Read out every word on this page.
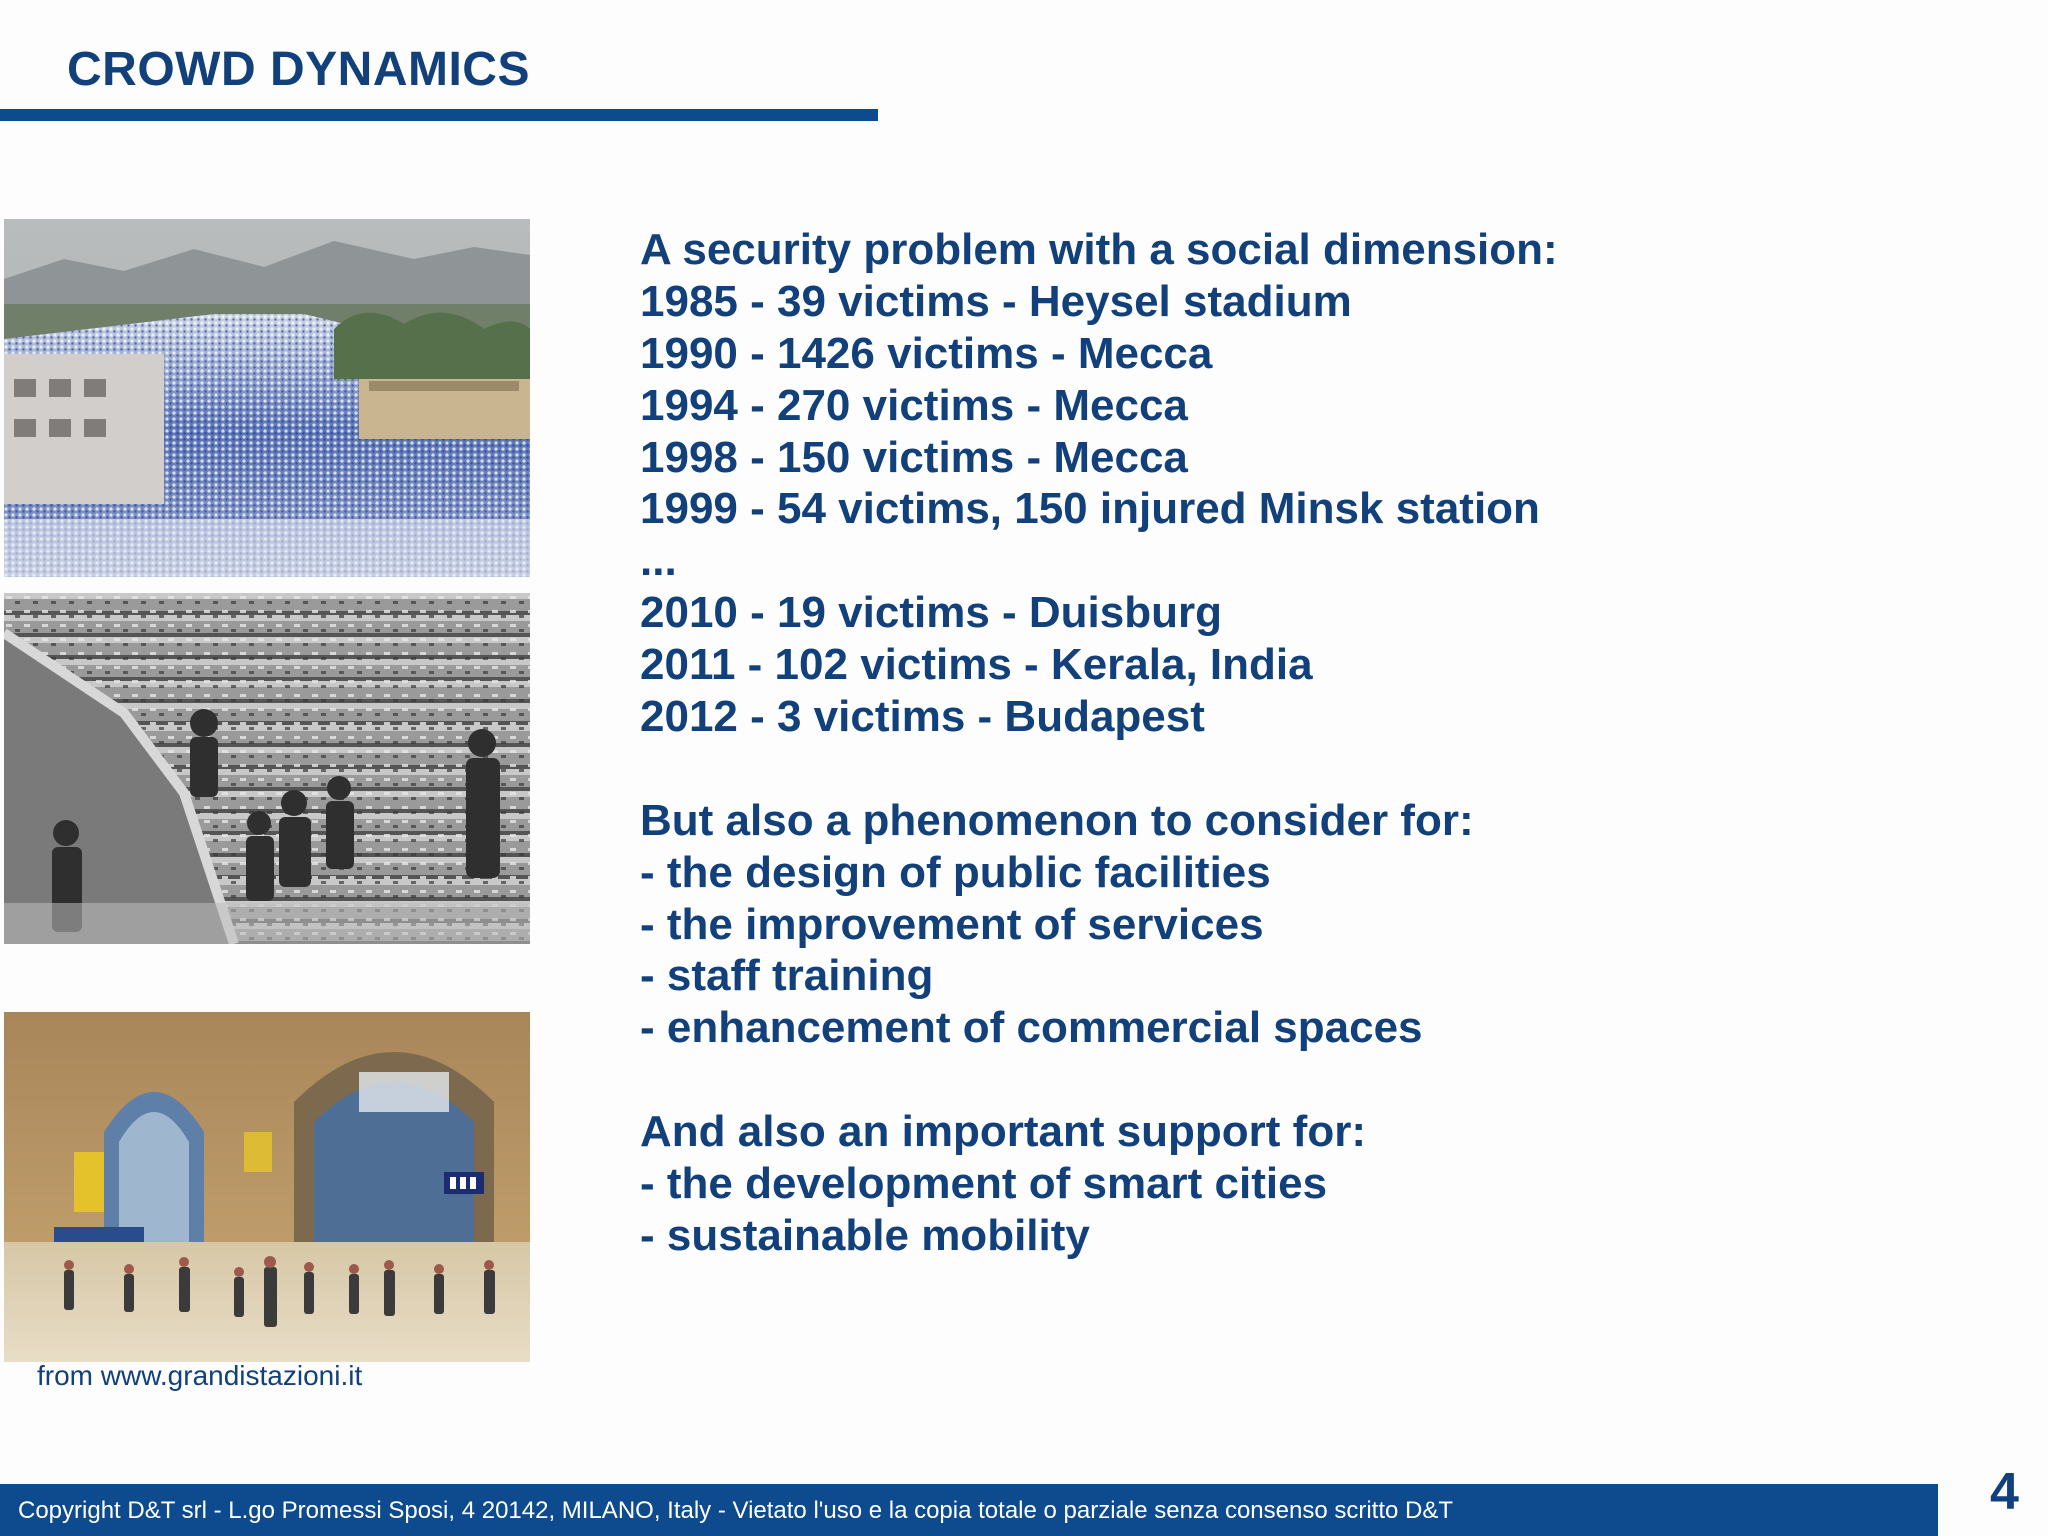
CROWD DYNAMICS
from www.grandistazioni.it
A security problem with a social dimension:
1985 - 39 victims - Heysel stadium
1990 - 1426 victims - Mecca
1994 - 270 victims - Mecca
1998 - 150 victims - Mecca
1999 - 54 victims, 150 injured Minsk station
...
2010 - 19 victims - Duisburg
2011 - 102 victims - Kerala, India
2012 - 3 victims - Budapest
But also a phenomenon to consider for:
- the design of public facilities
- the improvement of services
- staff training
- enhancement of commercial spaces
And also an important support for:
- the development of smart cities
- sustainable mobility
Copyright D&T srl - L.go Promessi Sposi, 4 20142, MILANO, Italy - Vietato l'uso e la copia totale o parziale senza consenso scritto D&T	4
